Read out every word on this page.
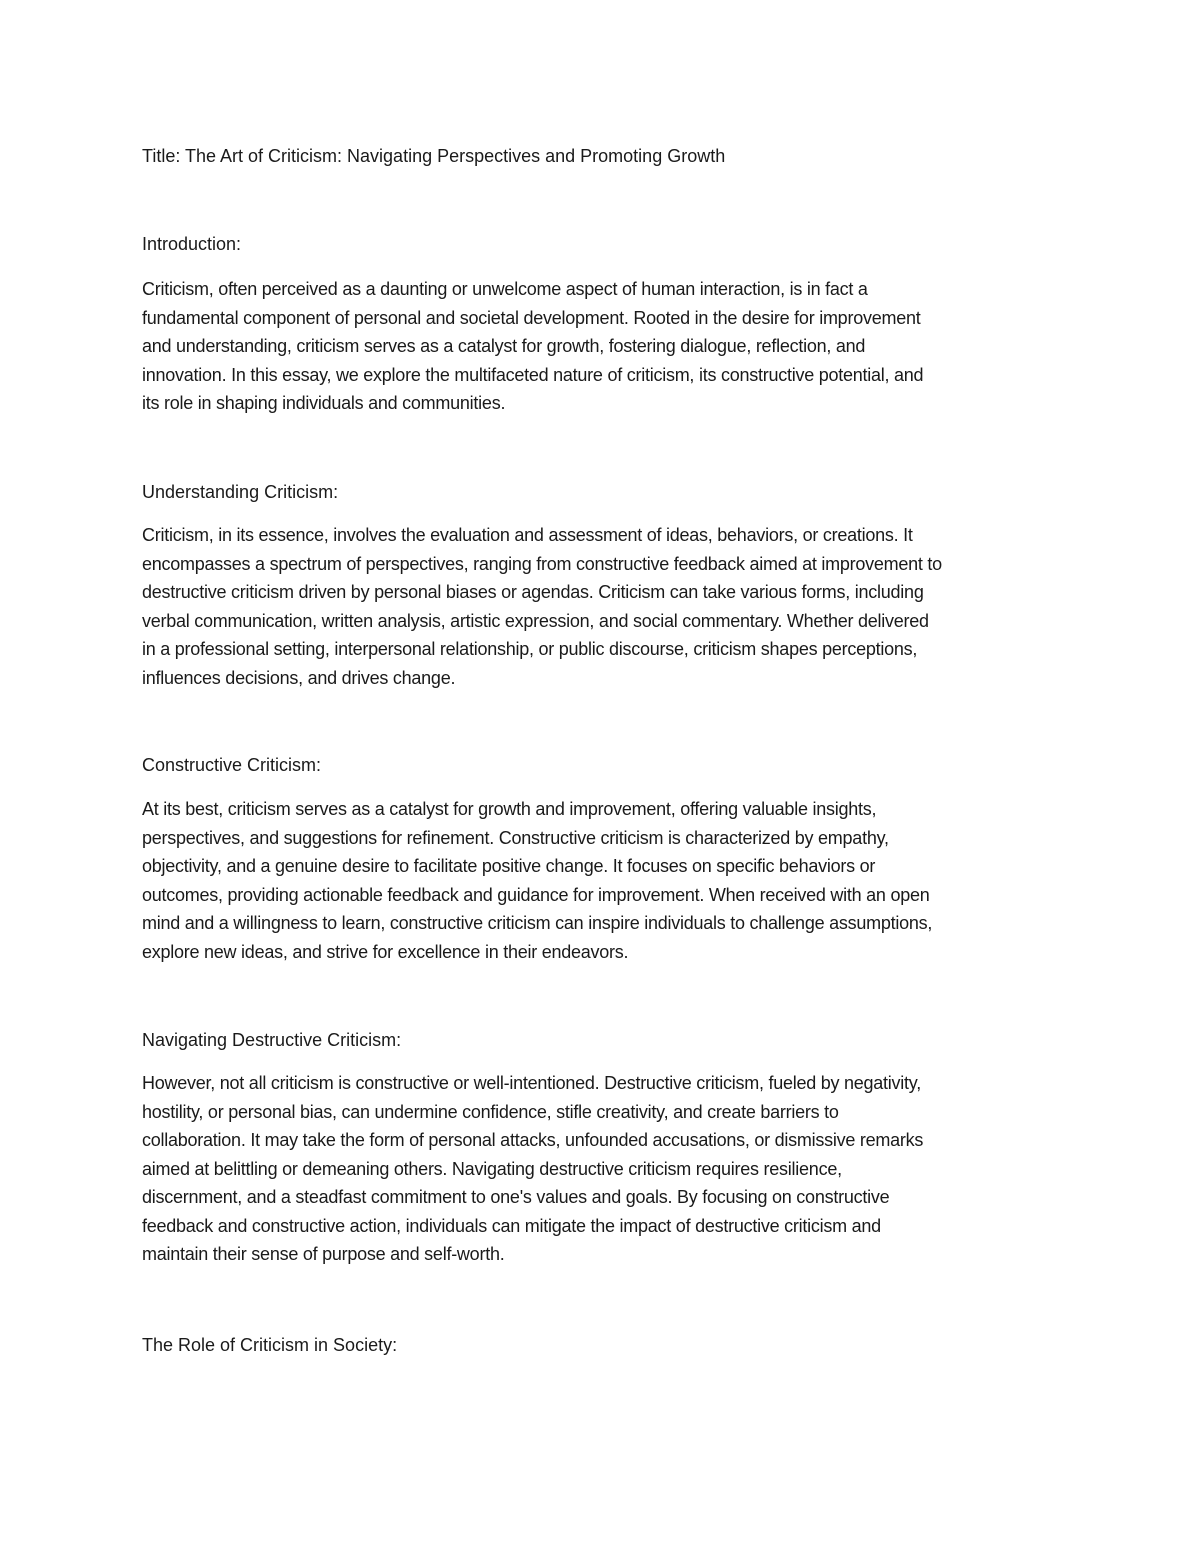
Title: The Art of Criticism: Navigating Perspectives and Promoting Growth
Introduction:
Criticism, often perceived as a daunting or unwelcome aspect of human interaction, is in fact a
fundamental component of personal and societal development. Rooted in the desire for improvement
and understanding, criticism serves as a catalyst for growth, fostering dialogue, reflection, and
innovation. In this essay, we explore the multifaceted nature of criticism, its constructive potential, and
its role in shaping individuals and communities.
Understanding Criticism:
Criticism, in its essence, involves the evaluation and assessment of ideas, behaviors, or creations. It
encompasses a spectrum of perspectives, ranging from constructive feedback aimed at improvement to
destructive criticism driven by personal biases or agendas. Criticism can take various forms, including
verbal communication, written analysis, artistic expression, and social commentary. Whether delivered
in a professional setting, interpersonal relationship, or public discourse, criticism shapes perceptions,
influences decisions, and drives change.
Constructive Criticism:
At its best, criticism serves as a catalyst for growth and improvement, offering valuable insights,
perspectives, and suggestions for refinement. Constructive criticism is characterized by empathy,
objectivity, and a genuine desire to facilitate positive change. It focuses on specific behaviors or
outcomes, providing actionable feedback and guidance for improvement. When received with an open
mind and a willingness to learn, constructive criticism can inspire individuals to challenge assumptions,
explore new ideas, and strive for excellence in their endeavors.
Navigating Destructive Criticism:
However, not all criticism is constructive or well-intentioned. Destructive criticism, fueled by negativity,
hostility, or personal bias, can undermine confidence, stifle creativity, and create barriers to
collaboration. It may take the form of personal attacks, unfounded accusations, or dismissive remarks
aimed at belittling or demeaning others. Navigating destructive criticism requires resilience,
discernment, and a steadfast commitment to one's values and goals. By focusing on constructive
feedback and constructive action, individuals can mitigate the impact of destructive criticism and
maintain their sense of purpose and self-worth.
The Role of Criticism in Society:
